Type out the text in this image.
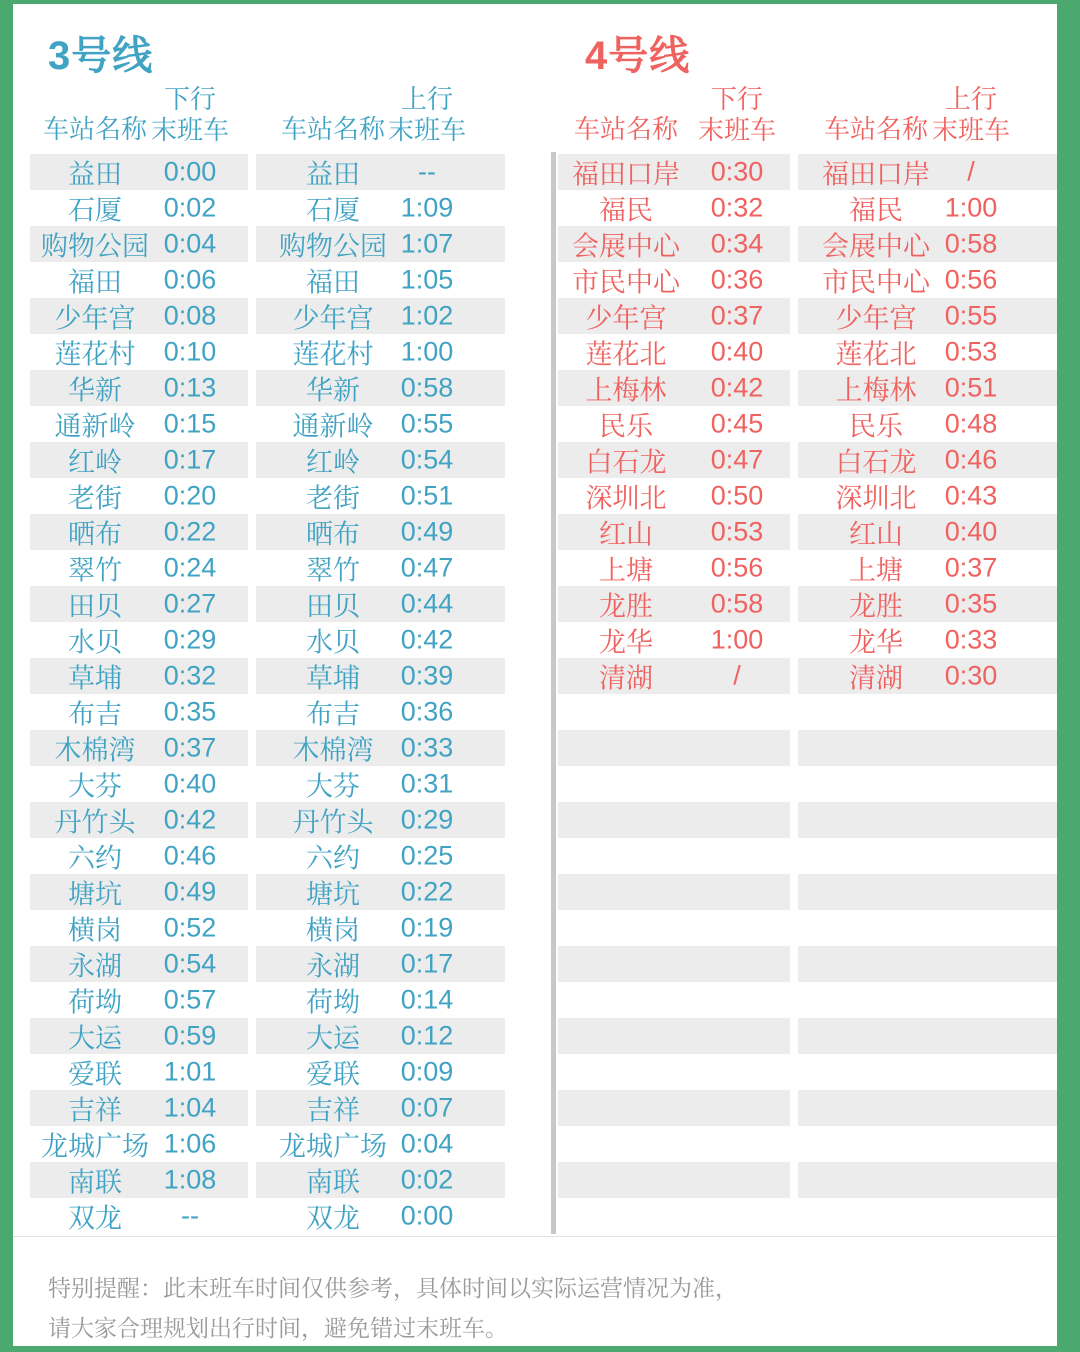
3号线	4号线
车站名称
下行
末班车
益田 0:00
石厦 0:02
购物公园 0:04
福田 0:06
少年宫 0:08
莲花村 0:10
华新 0:13
通新岭 0:15
红岭 0:17
老街 0:20
晒布 0:22
翠竹 0:24
田贝 0:27
水贝 0:29
草埔 0:32
布吉 0:35
木棉湾 0:37
大芬 0:40
丹竹头 0:42
六约 0:46
塘坑 0:49
横岗 0:52
永湖 0:54
荷坳 0:57
大运 0:59
爱联 1:01
吉祥 1:04
龙城广场 1:06
南联 1:08
双龙 --
车站名称
上行
末班车
益田 --
石厦 1:09
购物公园 1:07
福田 1:05
少年宫 1:02
莲花村 1:00
华新 0:58
通新岭 0:55
红岭 0:54
老街 0:51
晒布 0:49
翠竹 0:47
田贝 0:44
水贝 0:42
草埔 0:39
布吉 0:36
木棉湾 0:33
大芬 0:31
丹竹头 0:29
六约 0:25
塘坑 0:22
横岗 0:19
永湖 0:17
荷坳 0:14
大运 0:12
爱联 0:09
吉祥 0:07
龙城广场 0:04
南联 0:02
双龙 0:00
车站名称
下行
末班车
福田口岸 0:30
福民 0:32
会展中心 0:34
市民中心 0:36
少年宫 0:37
莲花北 0:40
上梅林 0:42
民乐 0:45
白石龙 0:47
深圳北 0:50
红山 0:53
上塘 0:56
龙胜 0:58
龙华 1:00
清湖	/
车站名称
上行
末班车
福田口岸 /
福民 1:00
会展中心 0:58
市民中心 0:56
少年宫 0:55
莲花北 0:53
上梅林 0:51
民乐 0:48
白石龙 0:46
深圳北 0:43
红山 0:40
上塘 0:37
龙胜 0:35
龙华 0:33
清湖 0:30
特别提醒：此末班车时间仅供参考，具体时间以实际运营情况为准，
请大家合理规划出行时间，避免错过末班车。
